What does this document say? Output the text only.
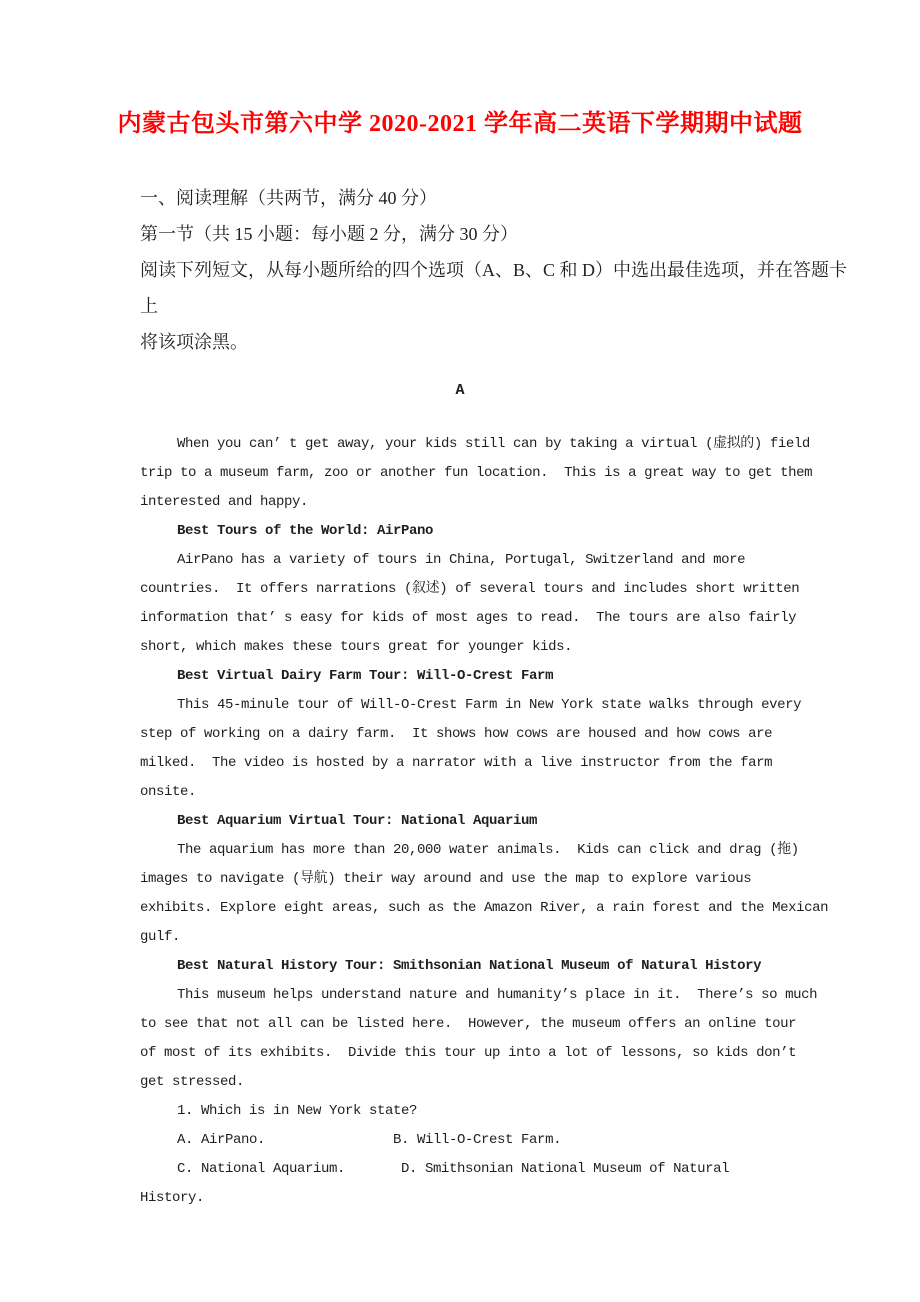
内蒙古包头市第六中学 2020-2021 学年高二英语下学期期中试题
一、阅读理解（共两节，满分 40 分）
第一节（共 15 小题：每小题 2 分，满分 30 分）
阅读下列短文，从每小题所给的四个选项（A、B、C 和 D）中选出最佳选项，并在答题卡上
将该项涂黑。
A
When you can’ t get away, your kids still can by taking a virtual (虚拟的) field
trip to a museum farm, zoo or another fun location.  This is a great way to get them
interested and happy.
Best Tours of the World: AirPano
AirPano has a variety of tours in China, Portugal, Switzerland and more
countries.  It offers narrations (叙述) of several tours and includes short written
information that’ s easy for kids of most ages to read.  The tours are also fairly
short, which makes these tours great for younger kids.
Best Virtual Dairy Farm Tour: Will-O-Crest Farm
This 45-minule tour of Will-O-Crest Farm in New York state walks through every
step of working on a dairy farm.  It shows how cows are housed and how cows are
milked.  The video is hosted by a narrator with a live instructor from the farm
onsite.
Best Aquarium Virtual Tour: National Aquarium
The aquarium has more than 20,000 water animals.  Kids can click and drag (拖)
images to navigate (导航) their way around and use the map to explore various
exhibits. Explore eight areas, such as the Amazon River, a rain forest and the Mexican
gulf.
Best Natural History Tour: Smithsonian National Museum of Natural History
This museum helps understand nature and humanity’s place in it.  There’s so much
to see that not all can be listed here.  However, the museum offers an online tour
of most of its exhibits.  Divide this tour up into a lot of lessons, so kids don’t
get stressed.
1. Which is in New York state?
A. AirPano.                B. Will-O-Crest Farm.
C. National Aquarium.       D. Smithsonian National Museum of Natural
History.
